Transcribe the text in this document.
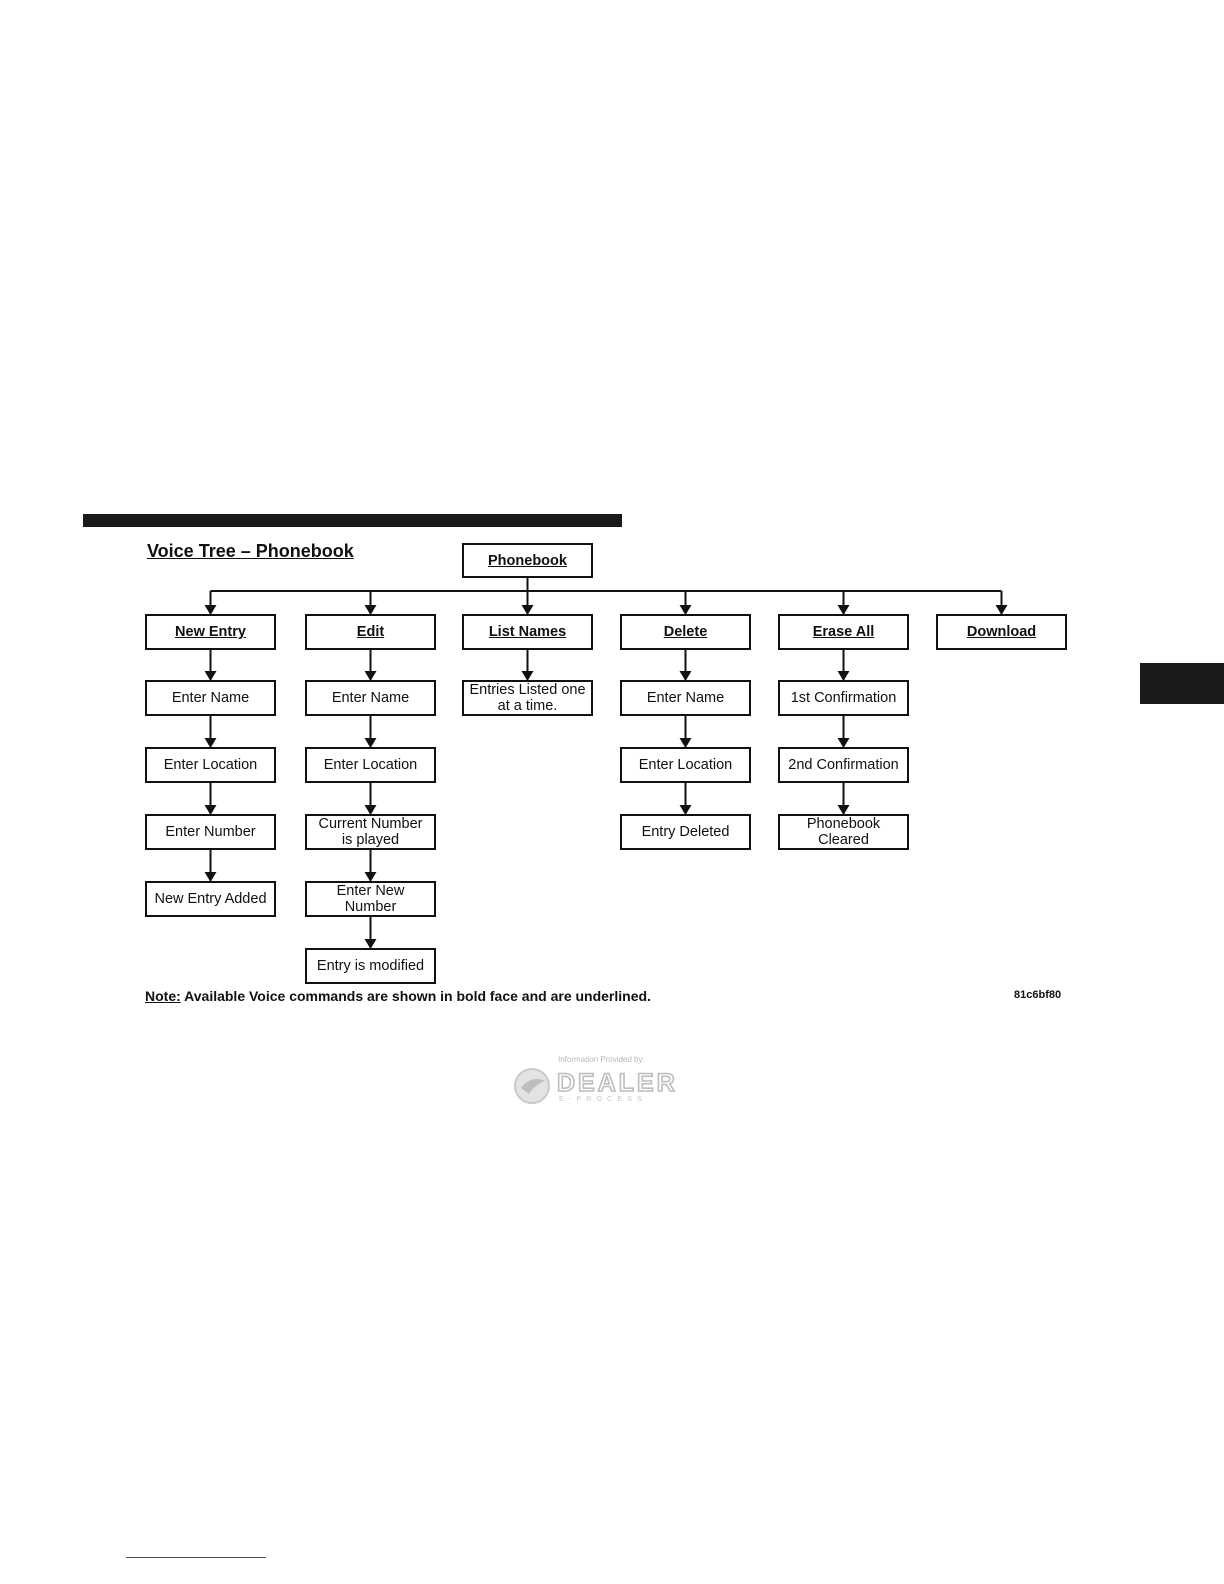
Voice Tree – Phonebook	Phonebook
New Entry
Enter Name
Enter Location
Enter Number
New Entry Added
Edit
Enter Name
Enter Location
Current Number
is played
Enter New
Number
Entry is modified
List Names
Entries Listed one
at a time.
Delete
Enter Name
Enter Location
Entry Deleted
Erase All
1st Confirmation
2nd Confirmation
Phonebook
Cleared
Download
Note: Available Voice commands are shown in bold face and are underlined.	81c6bf80
Information Provided by:
DEALER
E-PROCESS
